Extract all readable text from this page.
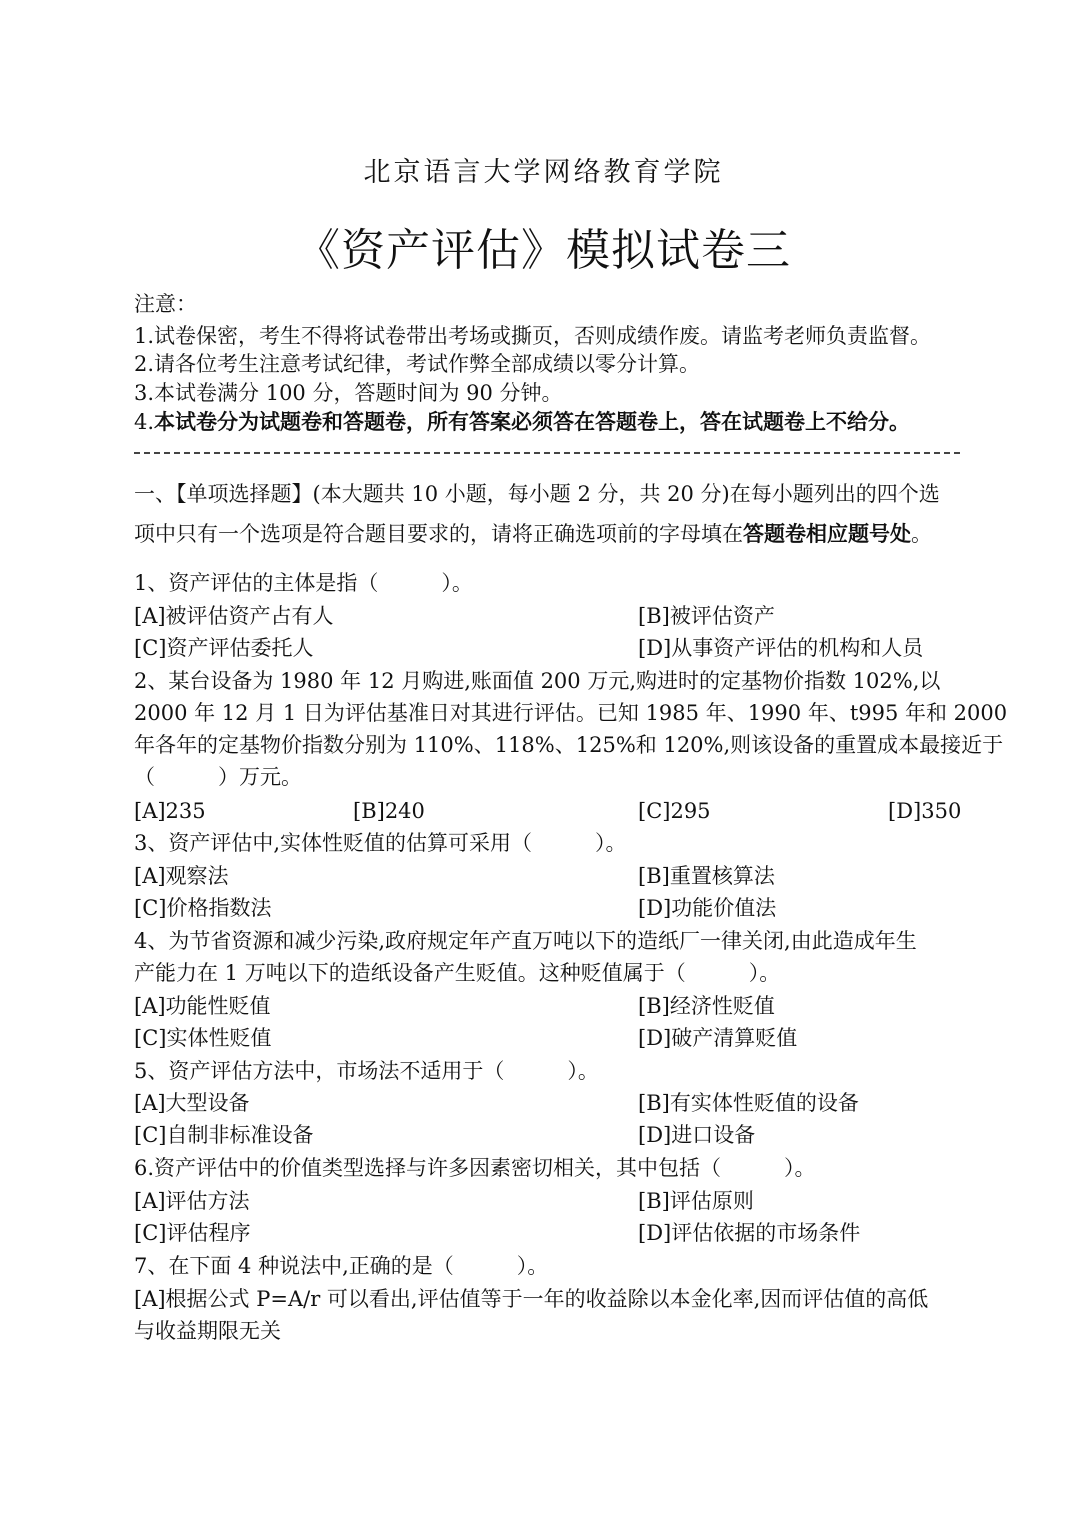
北京语言大学网络教育学院
《资产评估》模拟试卷三
注意：
1.试卷保密，考生不得将试卷带出考场或撕页，否则成绩作废。请监考老师负责监督。
2.请各位考生注意考试纪律，考试作弊全部成绩以零分计算。
3.本试卷满分 100 分，答题时间为 90 分钟。
4.本试卷分为试题卷和答题卷，所有答案必须答在答题卷上，答在试题卷上不给分。
一、【单项选择题】(本大题共 10 小题，每小题 2 分，共 20 分)在每小题列出的四个选
项中只有一个选项是符合题目要求的，请将正确选项前的字母填在答题卷相应题号处。
1、资产评估的主体是指（　　　）。
[A]被评估资产占有人	[B]被评估资产
[C]资产评估委托人	[D]从事资产评估的机构和人员
2、某台设备为 1980 年 12 月购进,账面值 200 万元,购进时的定基物价指数 102%,以
2000 年 12 月 1 日为评估基准日对其进行评估。已知 1985 年、1990 年、t995 年和 2000
年各年的定基物价指数分别为 110%、118%、125%和 120%,则该设备的重置成本最接近于
（　　　）万元。
[A]235	[B]240	[C]295	[D]350
3、资产评估中,实体性贬值的估算可采用（　　　）。
[A]观察法	[B]重置核算法
[C]价格指数法	[D]功能价值法
4、为节省资源和减少污染,政府规定年产直万吨以下的造纸厂一律关闭,由此造成年生
产能力在 1 万吨以下的造纸设备产生贬值。这种贬值属于（　　　）。
[A]功能性贬值	[B]经济性贬值
[C]实体性贬值	[D]破产清算贬值
5、资产评估方法中，市场法不适用于（　　　）。
[A]大型设备	[B]有实体性贬值的设备
[C]自制非标准设备	[D]进口设备
6.资产评估中的价值类型选择与许多因素密切相关，其中包括（　　　）。
[A]评估方法	[B]评估原则
[C]评估程序	[D]评估依据的市场条件
7、在下面 4 种说法中,正确的是（　　　）。
[A]根据公式 P=A/r 可以看出,评估值等于一年的收益除以本金化率,因而评估值的高低
与收益期限无关
